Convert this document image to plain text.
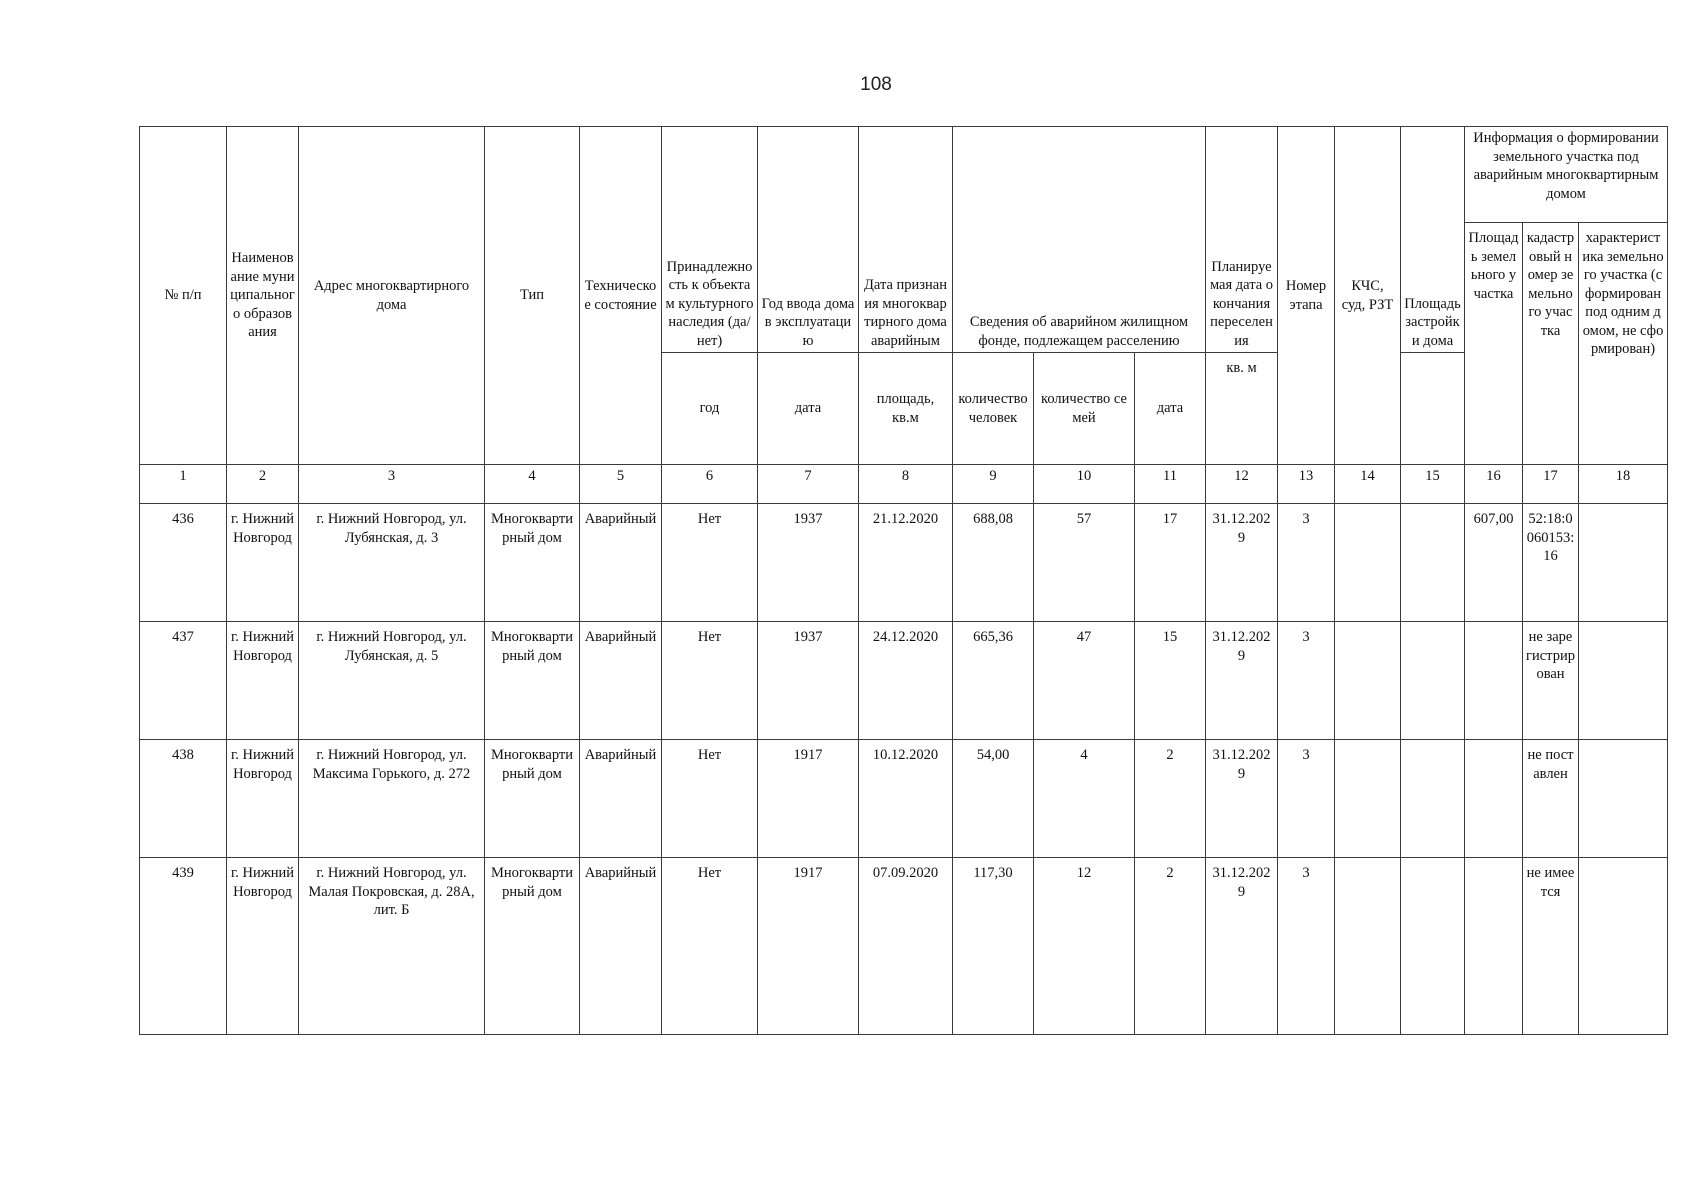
108
№ п/п	Наименование муниципального образования	Адрес многоквартирного дома	Тип	Техническое состояние	Принадлежность к объектам культурного наследия (да/нет)	Год ввода дома в эксплуатацию	Дата признания многоквартирного дома аварийным	Сведения об аварийном жилищном фонде, подлежащем расселению			Планируемая дата окончания переселения	Номер этапа	КЧС, суд, РЗТ	Площадь застройки дома	Информация о формировании земельного участка под аварийным многоквартирным домом		
															Площадь земельного участка	кадастровый номер земельного участка	характеристика земельного участка (сформирован под одним домом, не сформирован)
					год	дата	площадь, кв.м	количество человек	количество семей	дата	кв. м						
1	2	3	4	5	6	7	8	9	10	11	12	13	14	15	16	17	18
436	г. Нижний Новгород	г. Нижний Новгород, ул. Лубянская, д. 3	Многоквартирный дом	Аварийный	Нет	1937	21.12.2020	688,08	57	17	31.12.2029	3			607,00	52:18:0060153:16	
437	г. Нижний Новгород	г. Нижний Новгород, ул. Лубянская, д. 5	Многоквартирный дом	Аварийный	Нет	1937	24.12.2020	665,36	47	15	31.12.2029	3				не зарегистрирован	
438	г. Нижний Новгород	г. Нижний Новгород, ул. Максима Горького, д. 272	Многоквартирный дом	Аварийный	Нет	1917	10.12.2020	54,00	4	2	31.12.2029	3				не поставлен	
439	г. Нижний Новгород	г. Нижний Новгород, ул. Малая Покровская, д. 28А, лит. Б	Многоквартирный дом	Аварийный	Нет	1917	07.09.2020	117,30	12	2	31.12.2029	3				не имеется	
